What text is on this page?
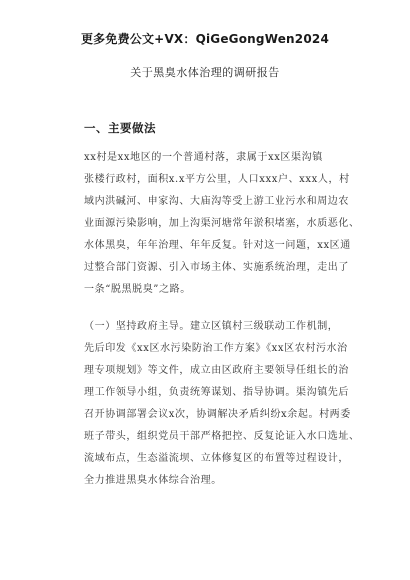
更多免费公文+VX：QiGeGongWen2024
关于黑臭水体治理的调研报告
一、主要做法
xx村是xx地区的一个普通村落，隶属于xx区渠沟镇
张楼行政村，面积x.x平方公里，人口xxx户、xxx人，村
域内洪碱河、申家沟、大庙沟等受上游工业污水和周边农
业面源污染影响，加上沟渠河塘常年淤积堵塞，水质恶化、
水体黑臭，年年治理、年年反复。针对这一问题，xx区通
过整合部门资源、引入市场主体、实施系统治理，走出了
一条“脱黑脱臭”之路。
（一）坚持政府主导。建立区镇村三级联动工作机制，
先后印发《xx区水污染防治工作方案》《xx区农村污水治
理专项规划》等文件，成立由区政府主要领导任组长的治
理工作领导小组，负责统筹谋划、指导协调。渠沟镇先后
召开协调部署会议x次，协调解决矛盾纠纷x余起。村两委
班子带头，组织党员干部严格把控、反复论证入水口选址、
流域布点，生态溢流坝、立体修复区的布置等过程设计，
全力推进黑臭水体综合治理。
